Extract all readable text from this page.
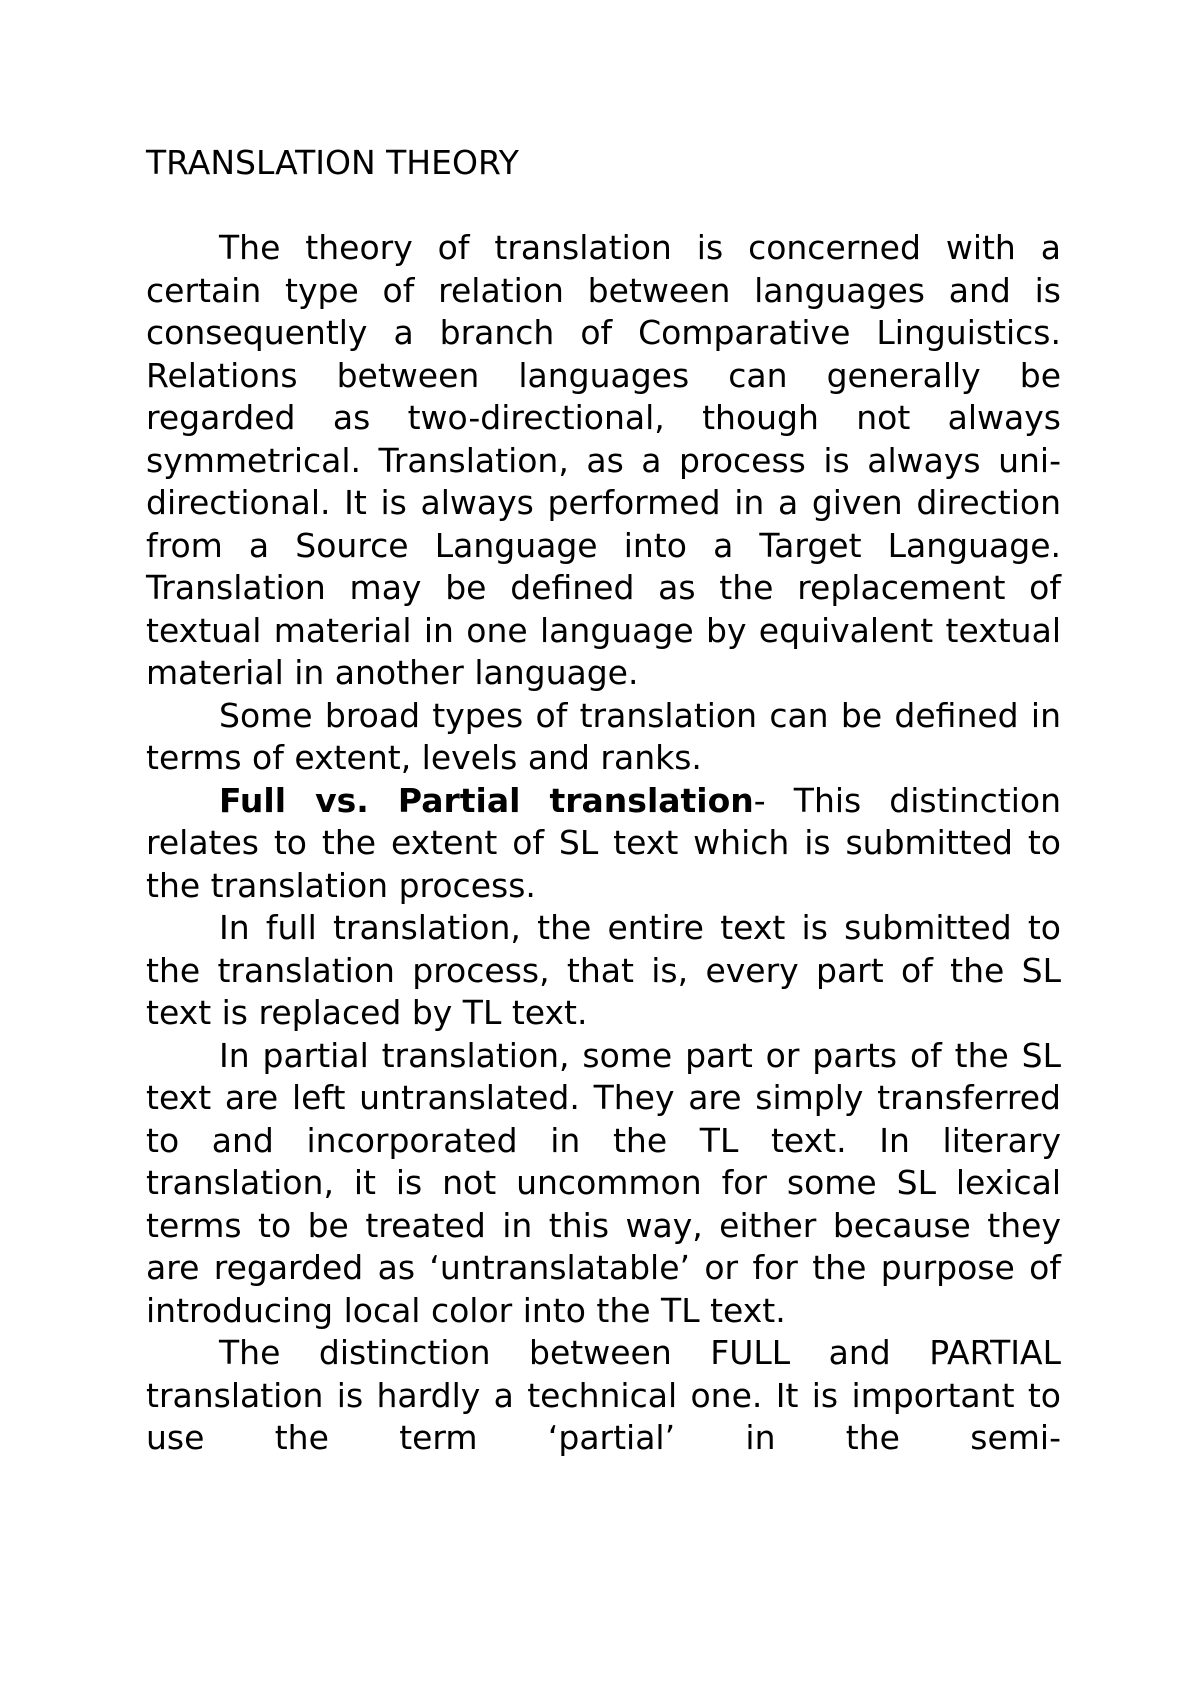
TRANSLATION THEORY

The theory of translation is concerned with a certain type of relation between languages and is consequently a branch of Comparative Linguistics. Relations between languages can generally be regarded as two-directional, though not always symmetrical. Translation, as a process is always uni-directional. It is always performed in a given direction from a Source Language into a Target Language. Translation may be defined as the replacement of textual material in one language by equivalent textual material in another language.

Some broad types of translation can be defined in terms of extent, levels and ranks.

Full vs. Partial translation- This distinction relates to the extent of SL text which is submitted to the translation process.

In full translation, the entire text is submitted to the translation process, that is, every part of the SL text is replaced by TL text.

In partial translation, some part or parts of the SL text are left untranslated. They are simply transferred to and incorporated in the TL text. In literary translation, it is not uncommon for some SL lexical terms to be treated in this way, either because they are regarded as ‘untranslatable’ or for the purpose of introducing local color into the TL text.

The distinction between FULL and PARTIAL translation is hardly a technical one. It is important to use the term ‘partial’ in the semi-
